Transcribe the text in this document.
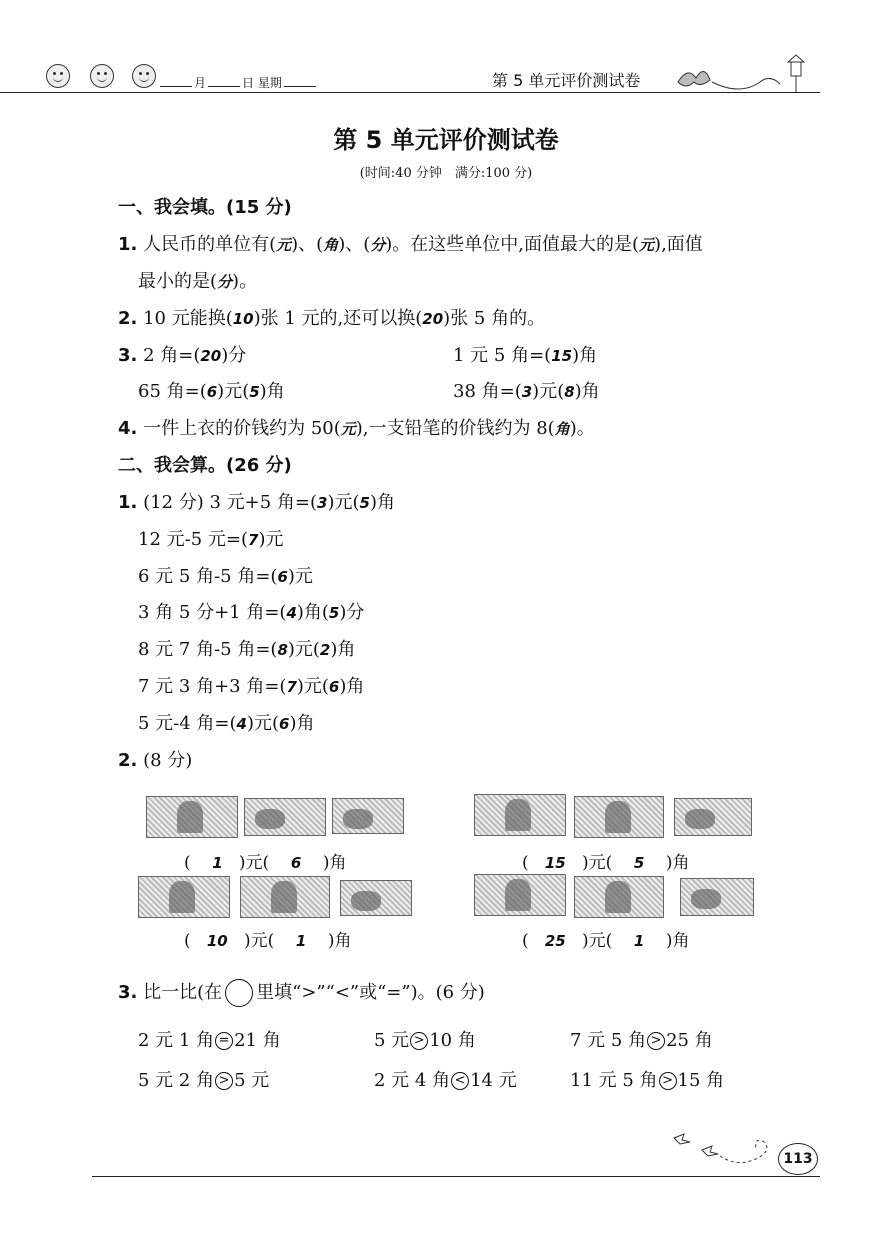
月	日 星期	第 5 单元评价测试卷
第 5 单元评价测试卷
(时间:40 分钟　满分:100 分)
一、我会填。(15 分)
1. 人民币的单位有(元)、(角)、(分)。在这些单位中,面值最大的是(元),面值
最小的是(分)。
2. 10 元能换(10)张 1 元的,还可以换(20)张 5 角的。
3. 2 角=(20)分	1 元 5 角=(15)角
65 角=(6)元(5)角	38 角=(3)元(8)角
4. 一件上衣的价钱约为 50(元),一支铅笔的价钱约为 8(角)。
二、我会算。(26 分)
1. (12 分) 3 元+5 角=(3)元(5)角
12 元-5 元=(7)元
6 元 5 角-5 角=(6)元
3 角 5 分+1 角=(4)角(5)分
8 元 7 角-5 角=(8)元(2)角
7 元 3 角+3 角=(7)元(6)角
5 元-4 角=(4)元(6)角
2. (8 分)
( 1 )元( 6 )角	( 15 )元( 5 )角
( 10 )元( 1 )角	( 25 )元( 1 )角
3. 比一比(在 里填“>”“<”或“=”)。(6 分)
2 元 1 角 = 21 角	5 元 > 10 角	7 元 5 角 > 25 角
5 元 2 角 > 5 元	2 元 4 角 < 14 元	11 元 5 角 > 15 角
113
